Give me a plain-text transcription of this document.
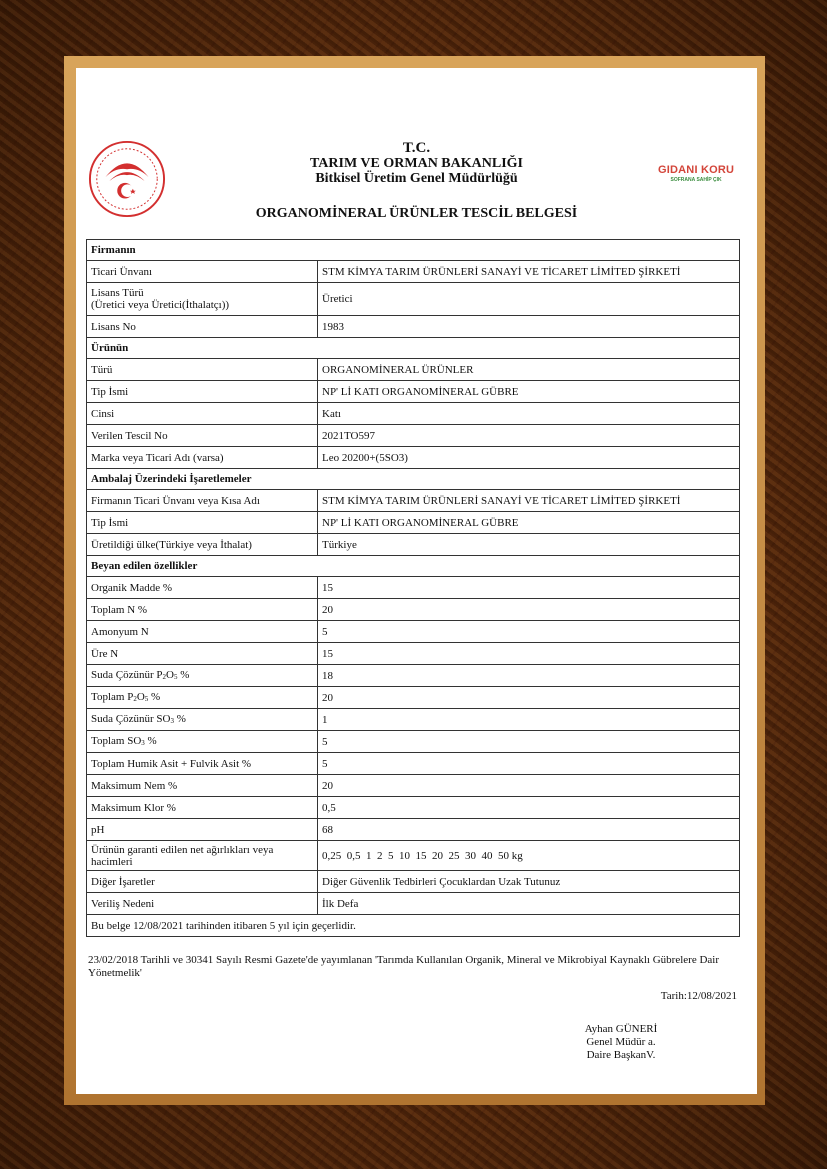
T.C.
TARIM VE ORMAN BAKANLIĞI
Bitkisel Üretim Genel Müdürlüğü
GIDANI KORU
SOFRANA SAHİP ÇIK
ORGANOMİNERAL ÜRÜNLER TESCİL BELGESİ
Firmanın	
Ticari Ünvanı	STM KİMYA TARIM ÜRÜNLERİ SANAYİ VE TİCARET LİMİTED ŞİRKETİ

Lisans Türü
(Üretici veya Üretici(İthalatçı))	Üretici
Lisans No	1983
Ürünün	
Türü	ORGANOMİNERAL ÜRÜNLER
Tip İsmi	NP' Lİ KATI ORGANOMİNERAL GÜBRE
Cinsi	Katı
Verilen Tescil No	2021TO597
Marka veya Ticari Adı (varsa)	Leo 20200+(5SO3)
Ambalaj Üzerindeki İşaretlemeler	
Firmanın Ticari Ünvanı veya Kısa Adı	STM KİMYA TARIM ÜRÜNLERİ SANAYİ VE TİCARET LİMİTED ŞİRKETİ
Tip İsmi	NP' Lİ KATI ORGANOMİNERAL GÜBRE
Üretildiği ülke(Türkiye veya İthalat)	Türkiye
Beyan edilen özellikler	
Organik Madde %	15
Toplam N %	20
Amonyum N	5
Üre N	15
Suda Çözünür P2O5 %	18
Toplam P2O5 %	20
Suda Çözünür SO3 %	1
Toplam SO3 %	5
Toplam Humik Asit + Fulvik Asit %	5
Maksimum Nem %	20
Maksimum Klor %	0,5
pH	68
Ürünün garanti edilen net ağırlıkları veya hacimleri	0,25  0,5  1  2  5  10  15  20  25  30  40  50 kg
Diğer İşaretler	Diğer Güvenlik Tedbirleri Çocuklardan Uzak Tutunuz
Veriliş Nedeni	İlk Defa
Bu belge 12/08/2021 tarihinden itibaren 5 yıl için geçerlidir.	
23/02/2018 Tarihli ve 30341 Sayılı Resmi Gazete'de yayımlanan 'Tarımda Kullanılan Organik, Mineral ve Mikrobiyal Kaynaklı Gübrelere Dair Yönetmelik'
Tarih:12/08/2021
Ayhan GÜNERİ
Genel Müdür a.
Daire BaşkanV.
